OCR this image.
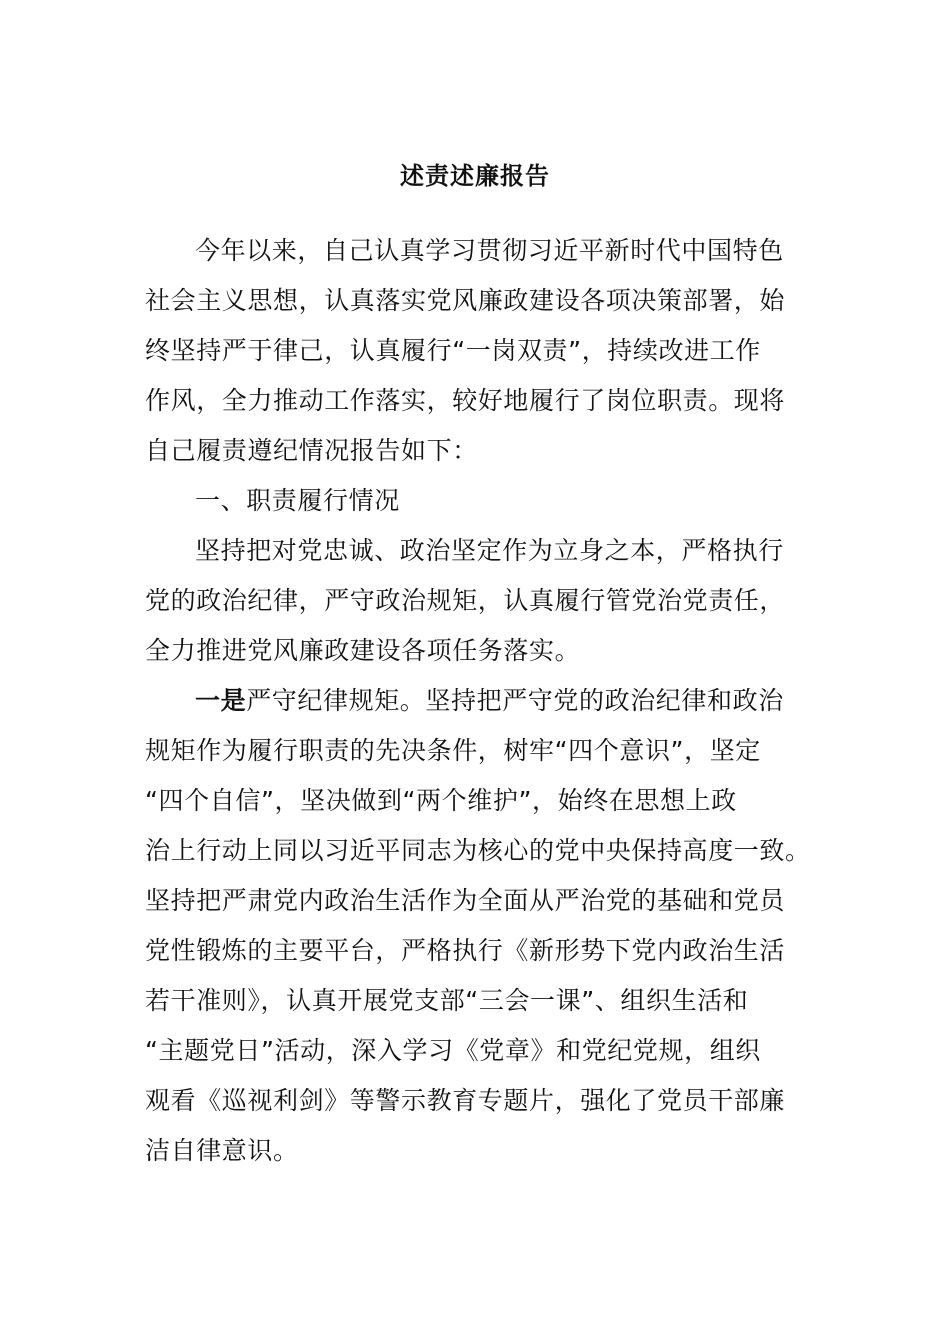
述责述廉报告
今年以来，自己认真学习贯彻习近平新时代中国特色
社会主义思想，认真落实党风廉政建设各项决策部署，始
终坚持严于律己，认真履行“一岗双责”，持续改进工作
作风，全力推动工作落实，较好地履行了岗位职责。现将
自己履责遵纪情况报告如下：
一、职责履行情况
坚持把对党忠诚、政治坚定作为立身之本，严格执行
党的政治纪律，严守政治规矩，认真履行管党治党责任，
全力推进党风廉政建设各项任务落实。
一是严守纪律规矩。坚持把严守党的政治纪律和政治
规矩作为履行职责的先决条件，树牢“四个意识”，坚定
“四个自信”，坚决做到“两个维护”，始终在思想上政
治上行动上同以习近平同志为核心的党中央保持高度一致。
坚持把严肃党内政治生活作为全面从严治党的基础和党员
党性锻炼的主要平台，严格执行《新形势下党内政治生活
若干准则》，认真开展党支部“三会一课”、组织生活和
“主题党日”活动，深入学习《党章》和党纪党规，组织
观看《巡视利剑》等警示教育专题片，强化了党员干部廉
洁自律意识。
